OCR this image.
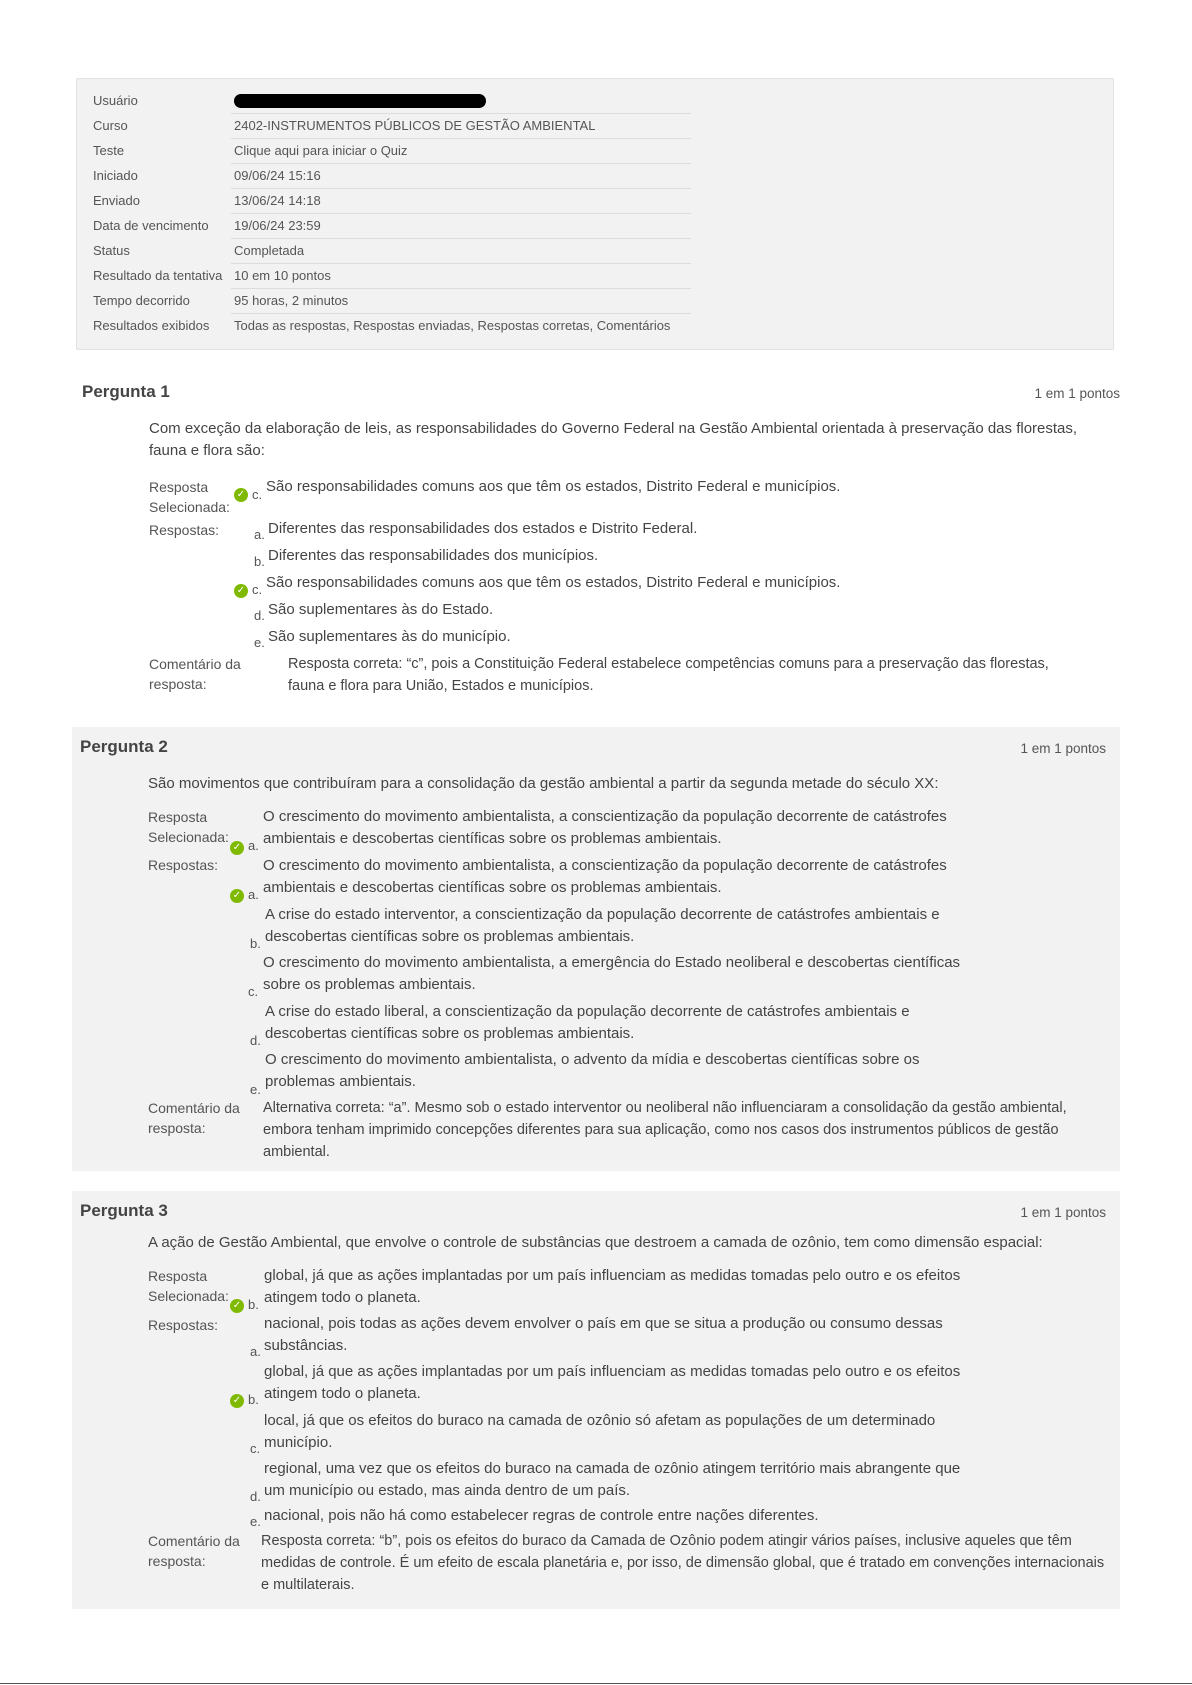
Usuário	
Curso	2402-INSTRUMENTOS PÚBLICOS DE GESTÃO AMBIENTAL
Teste	Clique aqui para iniciar o Quiz
Iniciado	09/06/24 15:16
Enviado	13/06/24 14:18
Data de vencimento	19/06/24 23:59
Status	Completada
Resultado da tentativa	10 em 10 pontos
Tempo decorrido	95 horas, 2 minutos
Resultados exibidos	Todas as respostas, Respostas enviadas, Respostas corretas, Comentários
Pergunta 1	1 em 1 pontos
Com exceção da elaboração de leis, as responsabilidades do Governo Federal na Gestão Ambiental orientada à preservação das florestas, fauna e flora são:
Resposta
Selecionada:
✓ c. São responsabilidades comuns aos que têm os estados, Distrito Federal e municípios.
Respostas:	a. Diferentes das responsabilidades dos estados e Distrito Federal.
b. Diferentes das responsabilidades dos municípios.
✓ c. São responsabilidades comuns aos que têm os estados, Distrito Federal e municípios.
d. São suplementares às do Estado.
e. São suplementares às do município.
Comentário da
resposta:
Resposta correta: “c”, pois a Constituição Federal estabelece competências comuns para a preservação das florestas, fauna e flora para União, Estados e municípios.
Pergunta 2	1 em 1 pontos
São movimentos que contribuíram para a consolidação da gestão ambiental a partir da segunda metade do século XX:
Resposta
Selecionada:
✓ a.
O crescimento do movimento ambientalista, a conscientização da população decorrente de catástrofes ambientais e descobertas científicas sobre os problemas ambientais.
Respostas:
✓ a.
O crescimento do movimento ambientalista, a conscientização da população decorrente de catástrofes ambientais e descobertas científicas sobre os problemas ambientais.
b.
A crise do estado interventor, a conscientização da população decorrente de catástrofes ambientais e descobertas científicas sobre os problemas ambientais.
c.
O crescimento do movimento ambientalista, a emergência do Estado neoliberal e descobertas científicas sobre os problemas ambientais.
d.
A crise do estado liberal, a conscientização da população decorrente de catástrofes ambientais e descobertas científicas sobre os problemas ambientais.
e.
O crescimento do movimento ambientalista, o advento da mídia e descobertas científicas sobre os problemas ambientais.
Comentário da
resposta:
Alternativa correta: “a”. Mesmo sob o estado interventor ou neoliberal não influenciaram a consolidação da gestão ambiental, embora tenham imprimido concepções diferentes para sua aplicação, como nos casos dos instrumentos públicos de gestão ambiental.
Pergunta 3	1 em 1 pontos
A ação de Gestão Ambiental, que envolve o controle de substâncias que destroem a camada de ozônio, tem como dimensão espacial:
Resposta
Selecionada:
✓ b.
global, já que as ações implantadas por um país influenciam as medidas tomadas pelo outro e os efeitos atingem todo o planeta.
Respostas:
a.
nacional, pois todas as ações devem envolver o país em que se situa a produção ou consumo dessas substâncias.
✓ b.
global, já que as ações implantadas por um país influenciam as medidas tomadas pelo outro e os efeitos atingem todo o planeta.
c.
local, já que os efeitos do buraco na camada de ozônio só afetam as populações de um determinado município.
d.
regional, uma vez que os efeitos do buraco na camada de ozônio atingem território mais abrangente que um município ou estado, mas ainda dentro de um país.
e. nacional, pois não há como estabelecer regras de controle entre nações diferentes.
Comentário da
resposta:
Resposta correta: “b”, pois os efeitos do buraco da Camada de Ozônio podem atingir vários países, inclusive aqueles que têm medidas de controle. É um efeito de escala planetária e, por isso, de dimensão global, que é tratado em convenções internacionais e multilaterais.
